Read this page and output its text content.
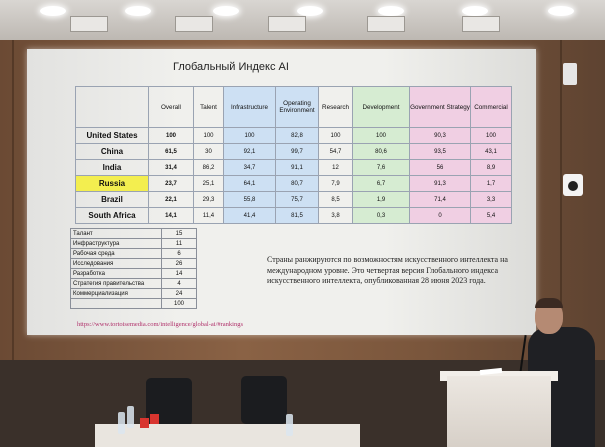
Глобальный Индекс AI
	Overall	Talent	Infrastructure	Operating Environment	Research	Development	Government Strategy	Commercial
United States	100	100	100	82,8	100	100	90,3	100
China	61,5	30	92,1	99,7	54,7	80,6	93,5	43,1
India	31,4	86,2	34,7	91,1	12	7,6	56	8,9
Russia	23,7	25,1	64,1	80,7	7,9	6,7	91,3	1,7
Brazil	22,1	29,3	55,8	75,7	8,5	1,9	71,4	3,3
South Africa	14,1	11,4	41,4	81,5	3,8	0,3	0	5,4
Талант	15
Инфраструктура	11
Рабочая среда	6
Исследования	26
Разработка	14
Стратегия правительства	4
Коммерциализация	24
	100
Страны ранжируются по возможностям искусственного интеллекта на международном уровне. Это четвертая версия Глобального индекса искусственного интеллекта, опубликованная 28 июня 2023 года.
https://www.tortoisemedia.com/intelligence/global-ai/#rankings
